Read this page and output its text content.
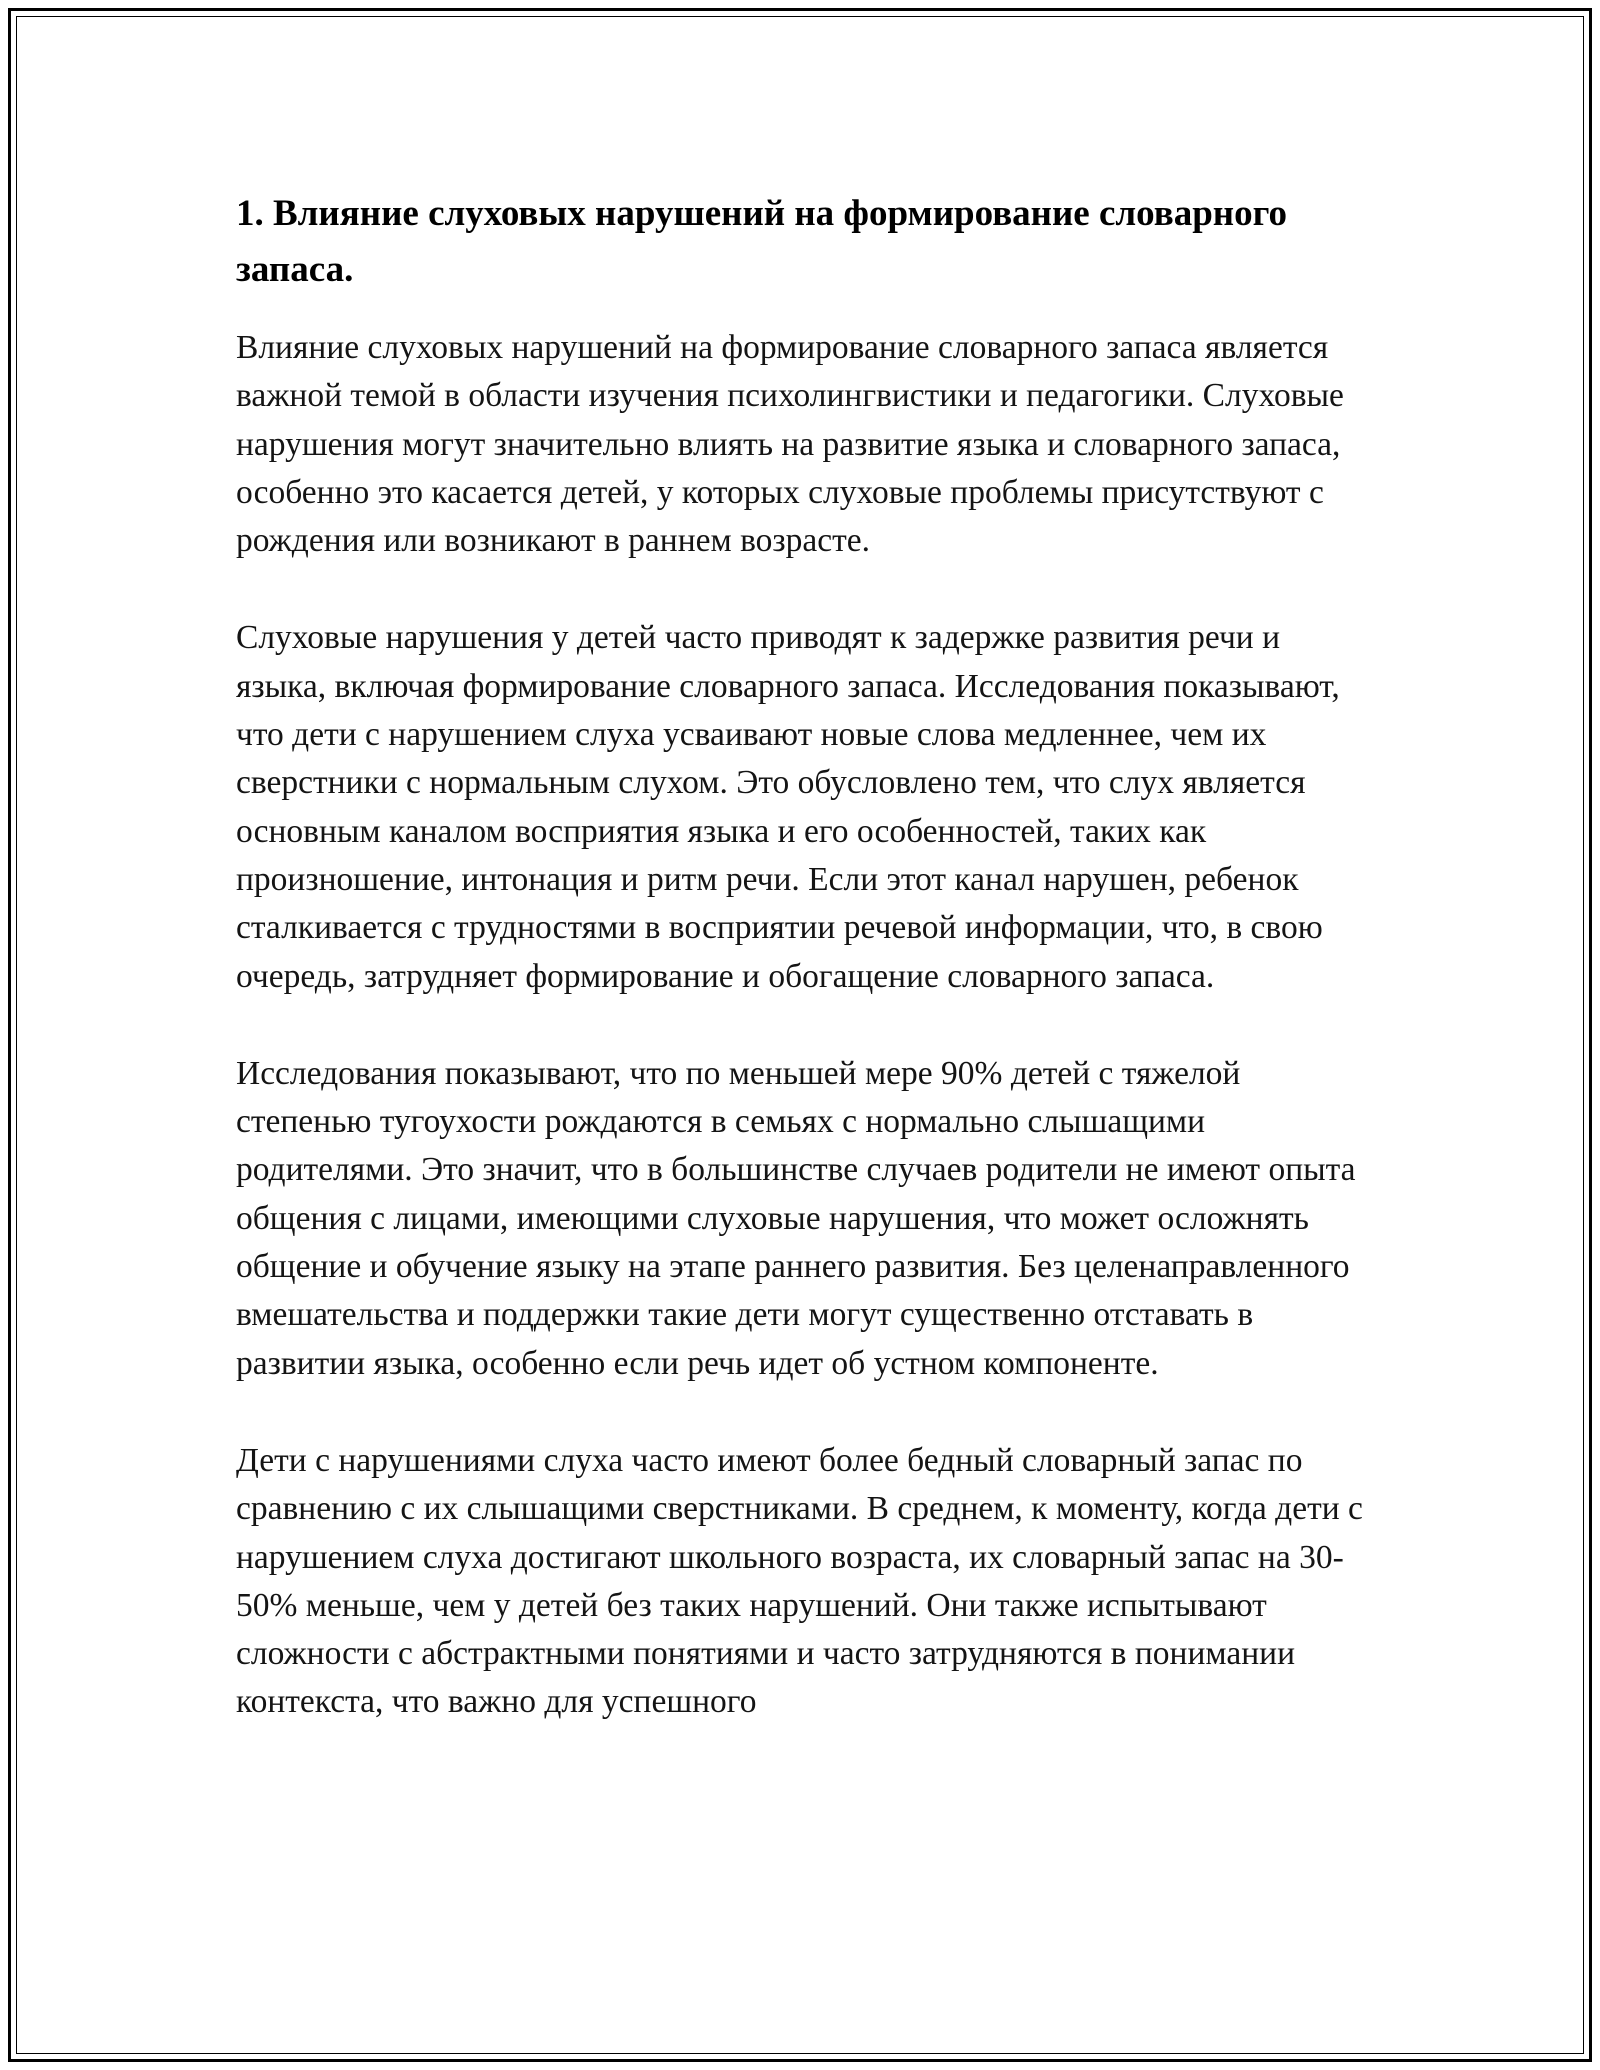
1. Влияние слуховых нарушений на формирование словарного запаса.

Влияние слуховых нарушений на формирование словарного запаса является важной темой в области изучения психолингвистики и педагогики. Слуховые нарушения могут значительно влиять на развитие языка и словарного запаса, особенно это касается детей, у которых слуховые проблемы присутствуют с рождения или возникают в раннем возрасте.

Слуховые нарушения у детей часто приводят к задержке развития речи и языка, включая формирование словарного запаса. Исследования показывают, что дети с нарушением слуха усваивают новые слова медленнее, чем их сверстники с нормальным слухом. Это обусловлено тем, что слух является основным каналом восприятия языка и его особенностей, таких как произношение, интонация и ритм речи. Если этот канал нарушен, ребенок сталкивается с трудностями в восприятии речевой информации, что, в свою очередь, затрудняет формирование и обогащение словарного запаса.

Исследования показывают, что по меньшей мере 90% детей с тяжелой степенью тугоухости рождаются в семьях с нормально слышащими родителями. Это значит, что в большинстве случаев родители не имеют опыта общения с лицами, имеющими слуховые нарушения, что может осложнять общение и обучение языку на этапе раннего развития. Без целенаправленного вмешательства и поддержки такие дети могут существенно отставать в развитии языка, особенно если речь идет об устном компоненте.

Дети с нарушениями слуха часто имеют более бедный словарный запас по сравнению с их слышащими сверстниками. В среднем, к моменту, когда дети с нарушением слуха достигают школьного возраста, их словарный запас на 30-50% меньше, чем у детей без таких нарушений. Они также испытывают сложности с абстрактными понятиями и часто затрудняются в понимании контекста, что важно для успешного
